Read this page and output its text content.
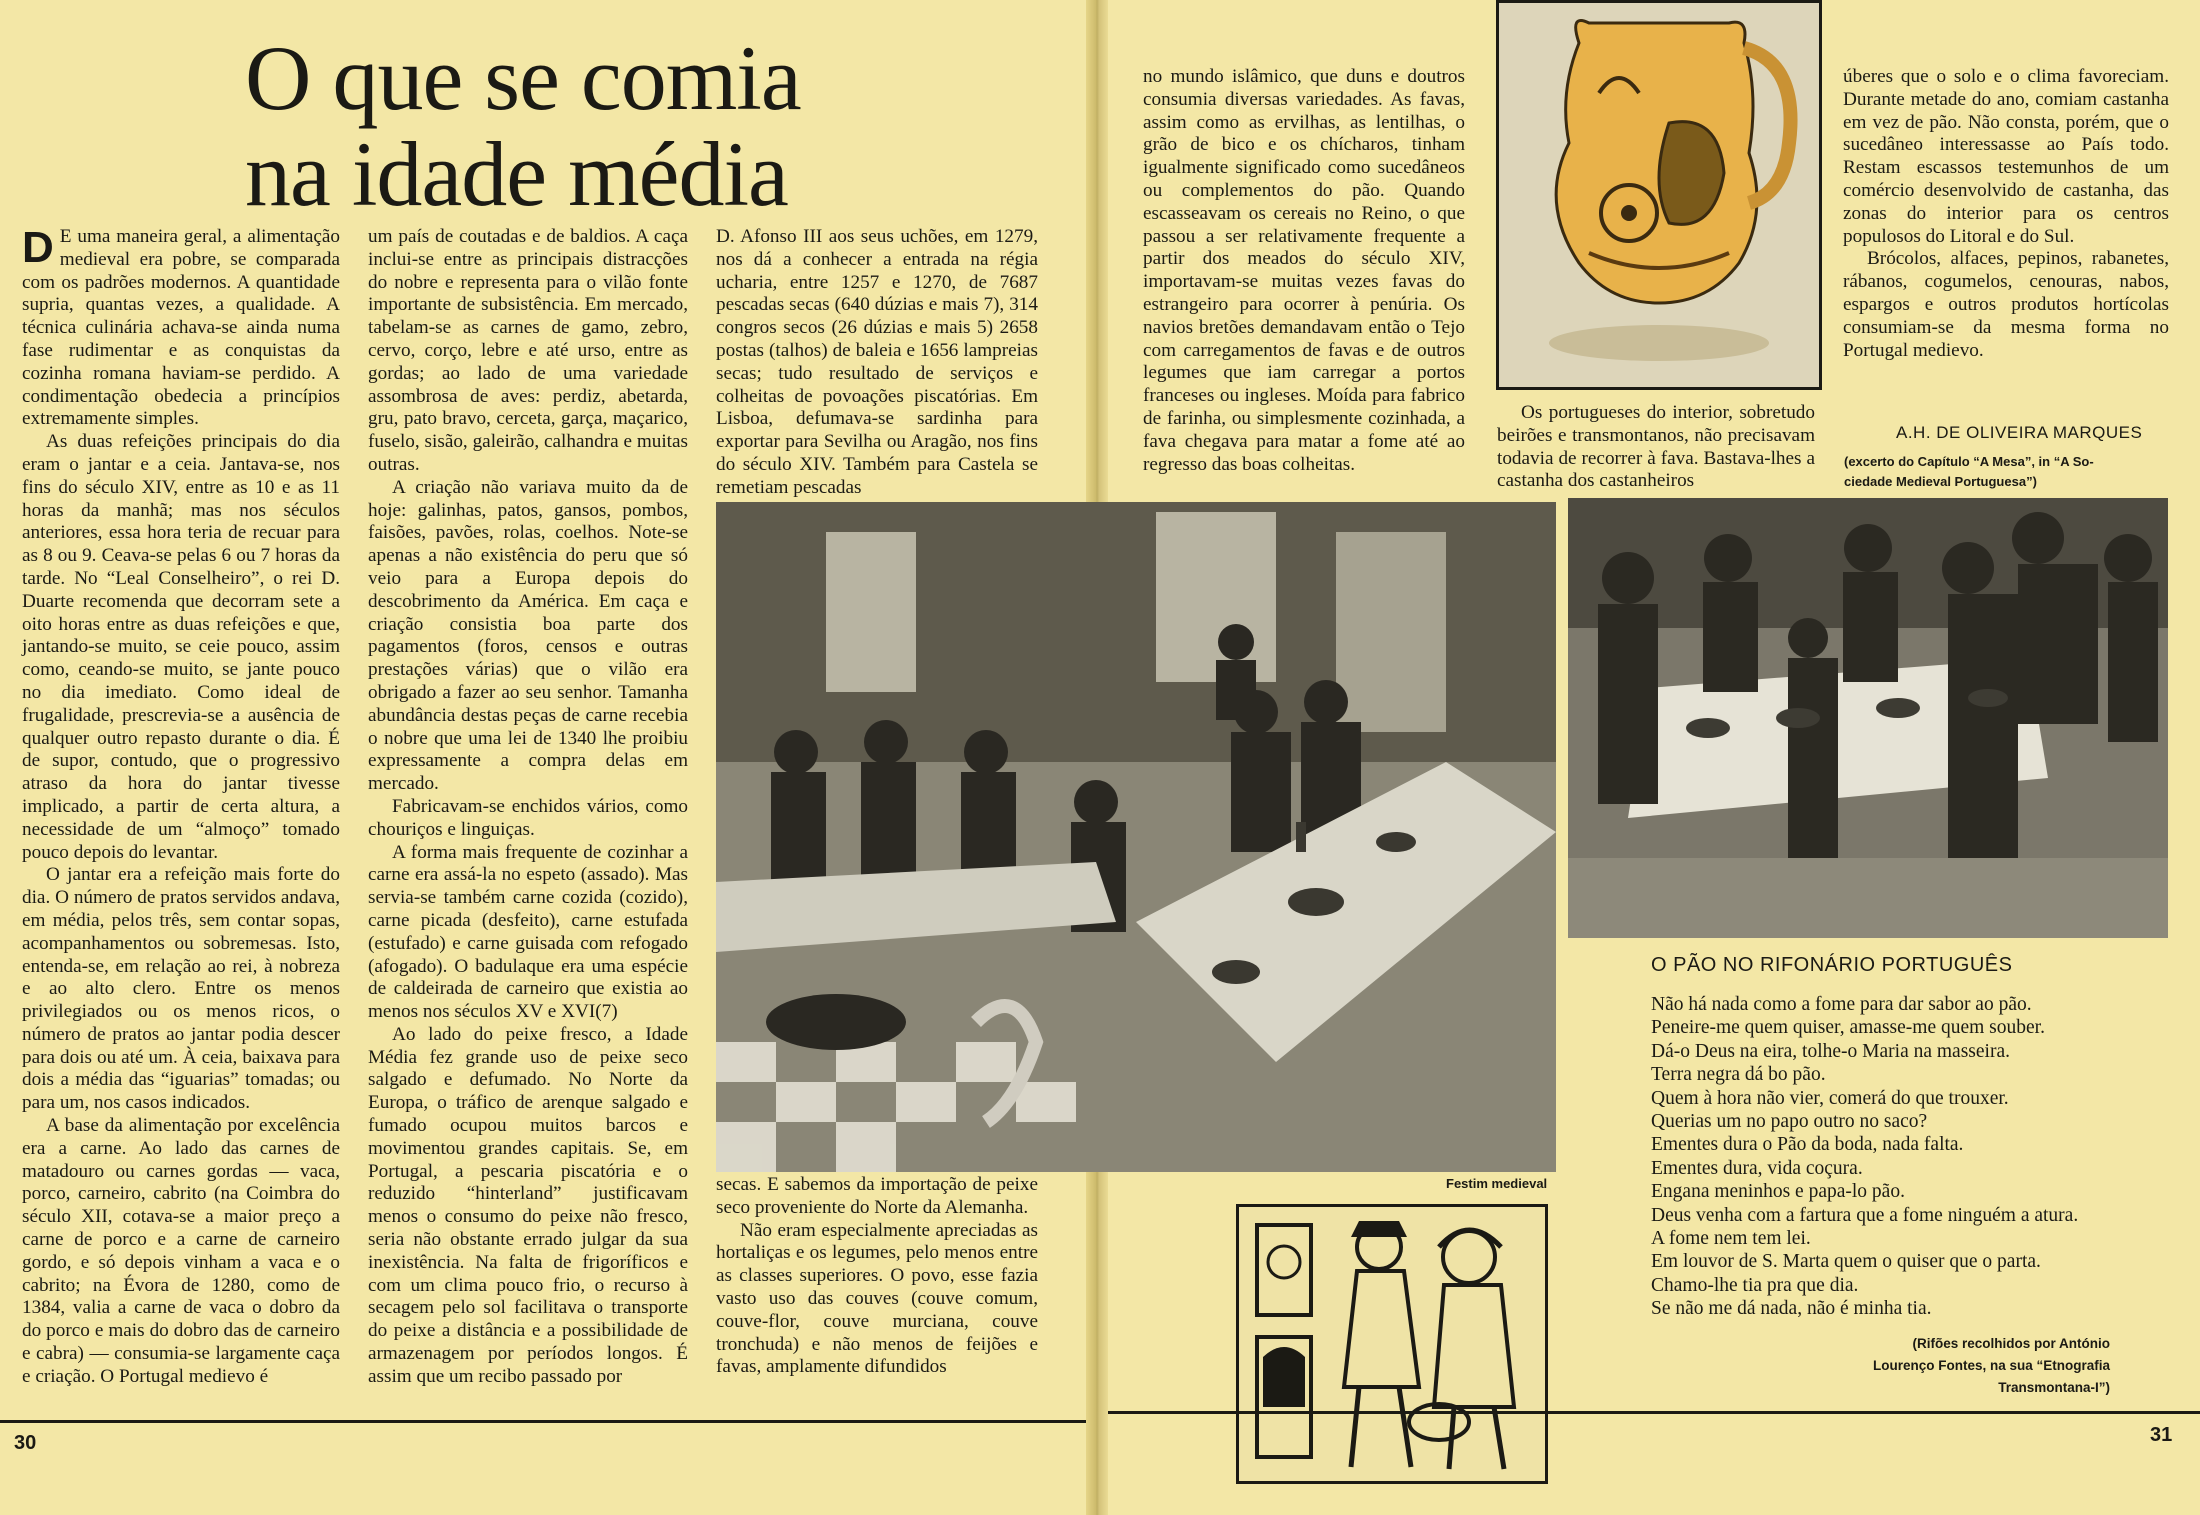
O que se comia
na idade média

D E uma maneira geral, a alimentação medieval era pobre, se comparada com os padrões modernos. A quantidade supria, quantas vezes, a qualidade. A técnica culinária achava-se ainda numa fase rudimentar e as conquistas da cozinha romana haviam-se perdido. A condimentação obedecia a princípios extremamente simples.

As duas refeições principais do dia eram o jantar e a ceia. Jantava-se, nos fins do século XIV, entre as 10 e as 11 horas da manhã; mas nos séculos anteriores, essa hora teria de recuar para as 8 ou 9. Ceava-se pelas 6 ou 7 horas da tarde. No “Leal Conselheiro”, o rei D. Duarte recomenda que decorram sete a oito horas entre as duas refeições e que, jantando-se muito, se ceie pouco, assim como, ceando-se muito, se jante pouco no dia imediato. Como ideal de frugalidade, prescrevia-se a ausência de qualquer outro repasto durante o dia. É de supor, contudo, que o progressivo atraso da hora do jantar tivesse implicado, a partir de certa altura, a necessidade de um “almoço” tomado pouco depois do levantar.

O jantar era a refeição mais forte do dia. O número de pratos servidos andava, em média, pelos três, sem contar sopas, acompanhamentos ou sobremesas. Isto, entenda-se, em relação ao rei, à nobreza e ao alto clero. Entre os menos privilegiados ou os menos ricos, o número de pratos ao jantar podia descer para dois ou até um. À ceia, baixava para dois a média das “iguarias” tomadas; ou para um, nos casos indicados.

A base da alimentação por excelência era a carne. Ao lado das carnes de matadouro ou carnes gordas — vaca, porco, carneiro, cabrito (na Coimbra do século XII, cotava-se a maior preço a carne de porco e a carne de carneiro gordo, e só depois vinham a vaca e o cabrito; na Évora de 1280, como de 1384, valia a carne de vaca o dobro da do porco e mais do dobro das de carneiro e cabra) — consumia-se largamente caça e criação. O Portugal medievo é

um país de coutadas e de baldios. A caça inclui-se entre as principais distracções do nobre e representa para o vilão fonte importante de subsistência. Em mercado, tabelam-se as carnes de gamo, zebro, cervo, corço, lebre e até urso, entre as gordas; ao lado de uma variedade assombrosa de aves: perdiz, abetarda, gru, pato bravo, cerceta, garça, maçarico, fuselo, sisão, galeirão, calhandra e muitas outras.

A criação não variava muito da de hoje: galinhas, patos, gansos, pombos, faisões, pavões, rolas, coelhos. Note-se apenas a não existência do peru que só veio para a Europa depois do descobrimento da América. Em caça e criação consistia boa parte dos pagamentos (foros, censos e outras prestações várias) que o vilão era obrigado a fazer ao seu senhor. Tamanha abundância destas peças de carne recebia o nobre que uma lei de 1340 lhe proibiu expressamente a compra delas em mercado.

Fabricavam-se enchidos vários, como chouriços e linguiças.

A forma mais frequente de cozinhar a carne era assá-la no espeto (assado). Mas servia-se também carne cozida (cozido), carne picada (desfeito), carne estufada (estufado) e carne guisada com refogado (afogado). O badulaque era uma espécie de caldeirada de carneiro que existia ao menos nos séculos XV e XVI(7)

Ao lado do peixe fresco, a Idade Média fez grande uso de peixe seco salgado e defumado. No Norte da Europa, o tráfico de arenque salgado e fumado ocupou muitos barcos e movimentou grandes capitais. Se, em Portugal, a pescaria piscatória e o reduzido “hinterland” justificavam menos o consumo do peixe não fresco, seria não obstante errado julgar da sua inexistência. Na falta de frigoríficos e com um clima pouco frio, o recurso à secagem pelo sol facilitava o transporte do peixe a distância e a possibilidade de armazenagem por períodos longos. É assim que um recibo passado por

D. Afonso III aos seus uchões, em 1279, nos dá a conhecer a entrada na régia ucharia, entre 1257 e 1270, de 7687 pescadas secas (640 dúzias e mais 7), 314 congros secos (26 dúzias e mais 5) 2658 postas (talhos) de baleia e 1656 lampreias secas; tudo resultado de serviços e colheitas de povoações piscatórias. Em Lisboa, defumava-se sardinha para exportar para Sevilha ou Aragão, nos fins do século XIV. Também para Castela se remetiam pescadas

secas. E sabemos da importação de peixe seco proveniente do Norte da Alemanha.

Não eram especialmente apreciadas as hortaliças e os legumes, pelo menos entre as classes superiores. O povo, esse fazia vasto uso das couves (couve comum, couve-flor, couve murciana, couve tronchuda) e não menos de feijões e favas, amplamente difundidos

no mundo islâmico, que duns e doutros consumia diversas variedades. As favas, assim como as ervilhas, as lentilhas, o grão de bico e os chícharos, tinham igualmente significado como sucedâneos ou complementos do pão. Quando escasseavam os cereais no Reino, o que passou a ser relativamente frequente a partir dos meados do século XIV, importavam-se muitas vezes favas do estrangeiro para ocorrer à penúria. Os navios bretões demandavam então o Tejo com carregamentos de favas e de outros legumes que iam carregar a portos franceses ou ingleses. Moída para fabrico de farinha, ou simplesmente cozinhada, a fava chegava para matar a fome até ao regresso das boas colheitas.

Os portugueses do interior, sobretudo beirões e transmontanos, não precisavam todavia de recorrer à fava. Bastava-lhes a castanha dos castanheiros

úberes que o solo e o clima favoreciam. Durante metade do ano, comiam castanha em vez de pão. Não consta, porém, que o sucedâneo interessasse ao País todo. Restam escassos testemunhos de um comércio desenvolvido de castanha, das zonas do interior para os centros populosos do Litoral e do Sul.

Brócolos, alfaces, pepinos, rabanetes, rábanos, cogumelos, cenouras, nabos, espargos e outros produtos hortícolas consumiam-se da mesma forma no Portugal medievo.

A.H. DE OLIVEIRA MARQUES
(excerto do Capítulo “A Mesa”, in “A So-
ciedade Medieval Portuguesa”)
Festim medieval
O PÃO NO RIFONÁRIO PORTUGUÊS
Não há nada como a fome para dar sabor ao pão.
Peneire-me quem quiser, amasse-me quem souber.
Dá-o Deus na eira, tolhe-o Maria na masseira.
Terra negra dá bo pão.
Quem à hora não vier, comerá do que trouxer.
Querias um no papo outro no saco?
Ementes dura o Pão da boda, nada falta.
Ementes dura, vida coçura.
Engana meninhos e papa-lo pão.
Deus venha com a fartura que a fome ninguém a atura.
A fome nem tem lei.
Em louvor de S. Marta quem o quiser que o parta.
Chamo-lhe tia pra que dia.
Se não me dá nada, não é minha tia.
(Rifões recolhidos por António
Lourenço Fontes, na sua “Etnografia
Transmontana-I”)
30	31
